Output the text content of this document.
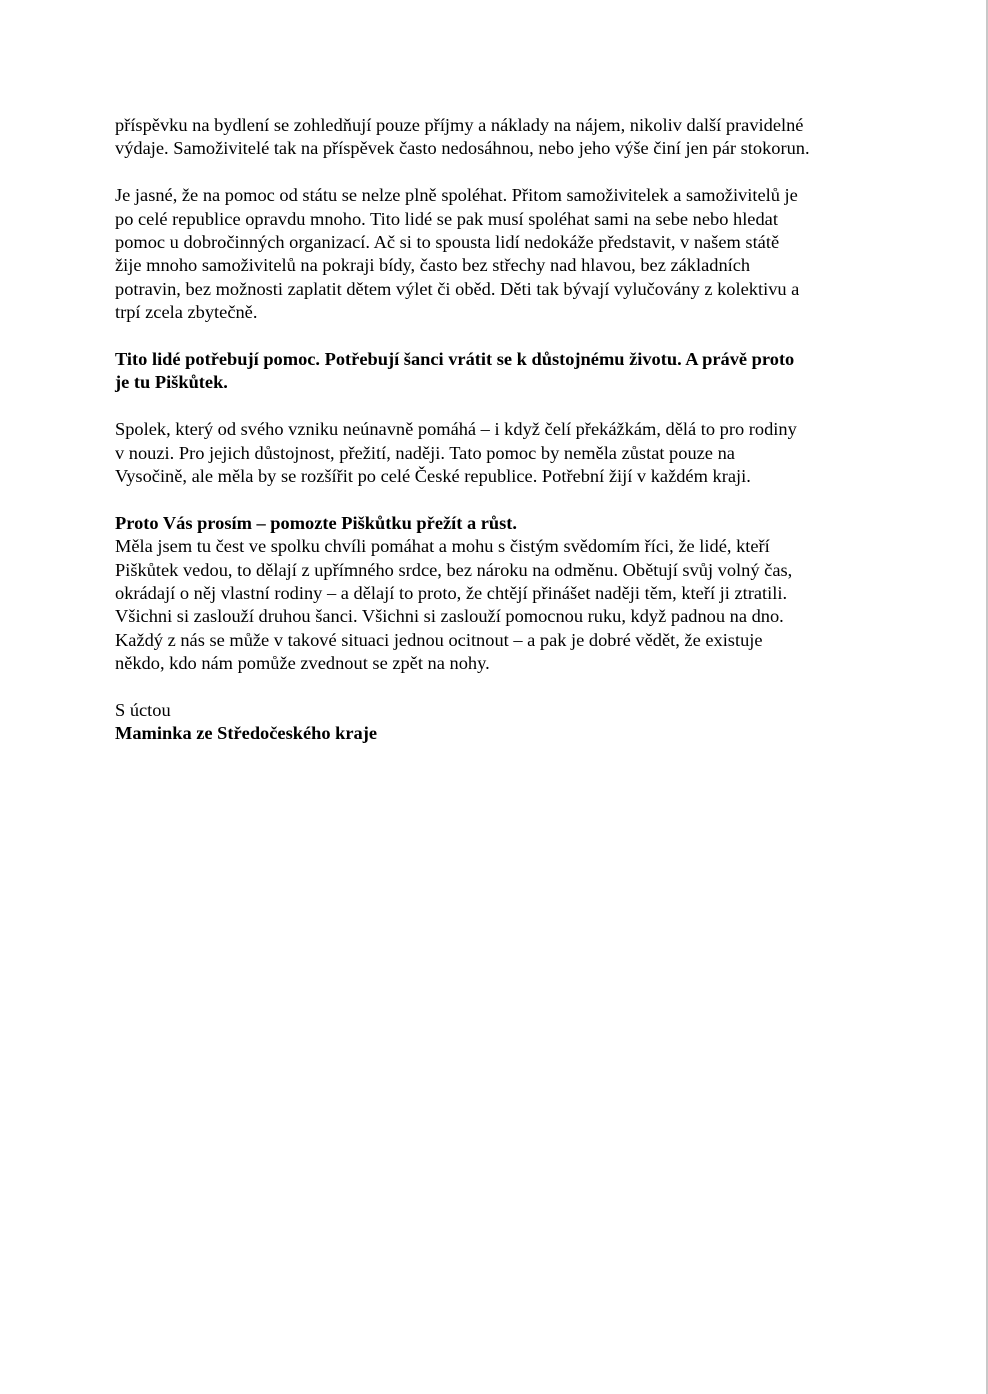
příspěvku na bydlení se zohledňují pouze příjmy a náklady na nájem, nikoliv další pravidelné
výdaje. Samoživitelé tak na příspěvek často nedosáhnou, nebo jeho výše činí jen pár stokorun.

Je jasné, že na pomoc od státu se nelze plně spoléhat. Přitom samoživitelek a samoživitelů je
po celé republice opravdu mnoho. Tito lidé se pak musí spoléhat sami na sebe nebo hledat
pomoc u dobročinných organizací. Ač si to spousta lidí nedokáže představit, v našem státě
žije mnoho samoživitelů na pokraji bídy, často bez střechy nad hlavou, bez základních
potravin, bez možnosti zaplatit dětem výlet či oběd. Děti tak bývají vylučovány z kolektivu a
trpí zcela zbytečně.

Tito lidé potřebují pomoc. Potřebují šanci vrátit se k důstojnému životu. A právě proto
je tu Piškůtek.

Spolek, který od svého vzniku neúnavně pomáhá – i když čelí překážkám, dělá to pro rodiny
v nouzi. Pro jejich důstojnost, přežití, naději. Tato pomoc by neměla zůstat pouze na
Vysočině, ale měla by se rozšířit po celé České republice. Potřební žijí v každém kraji.

Proto Vás prosím – pomozte Piškůtku přežít a růst.
Měla jsem tu čest ve spolku chvíli pomáhat a mohu s čistým svědomím říci, že lidé, kteří
Piškůtek vedou, to dělají z upřímného srdce, bez nároku na odměnu. Obětují svůj volný čas,
okrádají o něj vlastní rodiny – a dělají to proto, že chtějí přinášet naději těm, kteří ji ztratili.
Všichni si zaslouží druhou šanci. Všichni si zaslouží pomocnou ruku, když padnou na dno.
Každý z nás se může v takové situaci jednou ocitnout – a pak je dobré vědět, že existuje
někdo, kdo nám pomůže zvednout se zpět na nohy.

S úctou
Maminka ze Středočeského kraje
